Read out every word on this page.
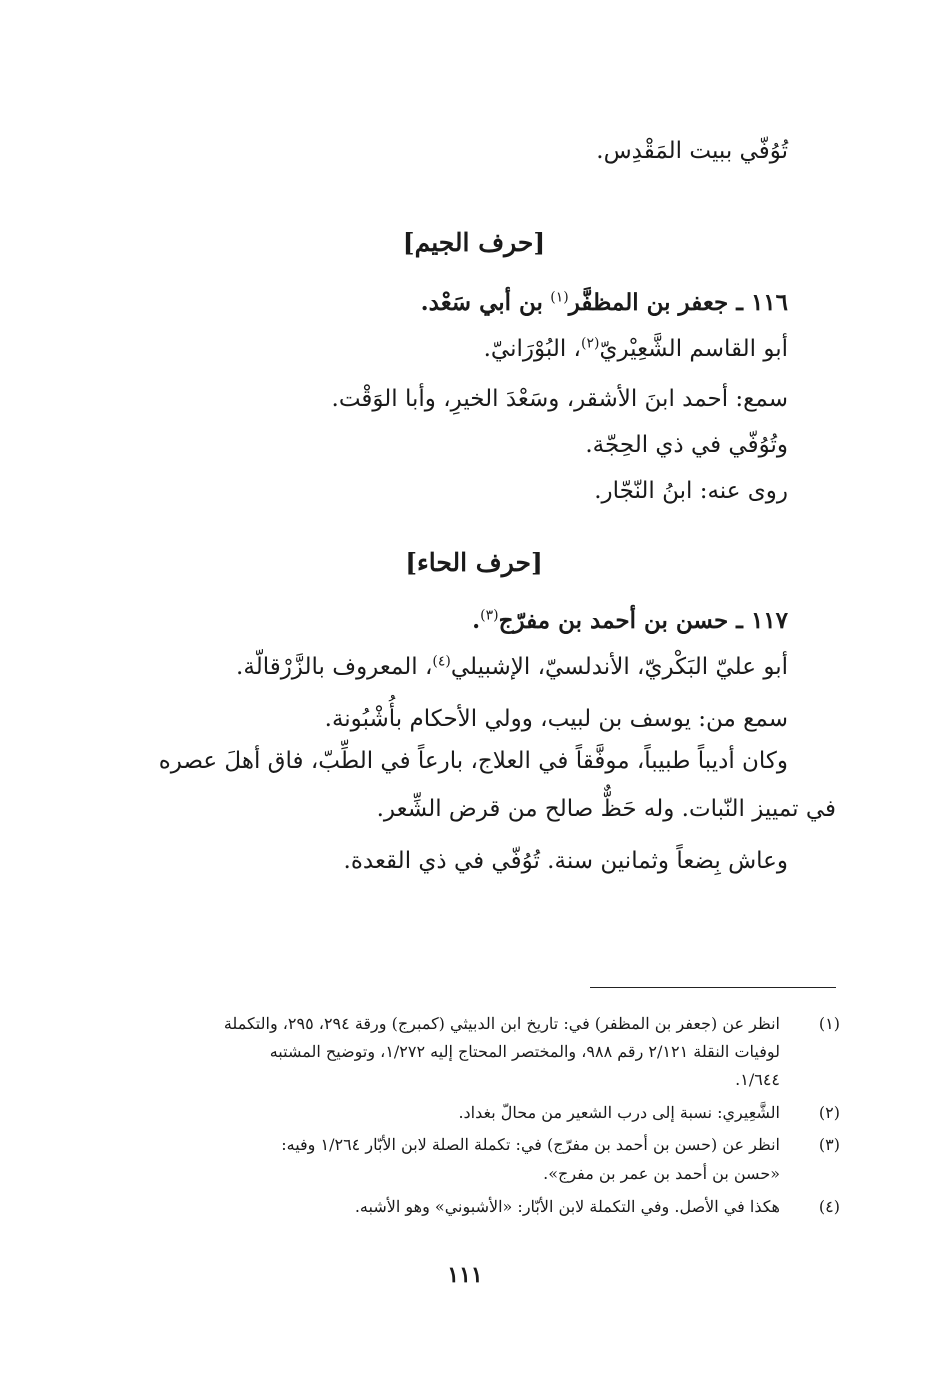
تُوُفّي ببيت المَقْدِس.
[حرف الجيم]
١١٦ ـ جعفر بن المظفَّر$^{(١)}$ بن أبي سَعْد.
أبو القاسم الشَّعِيْريّ$^{(٢)}$، البُوْرَانيّ.
سمع: أحمد ابنَ الأشقر، وسَعْدَ الخيرِ، وأبا الوَقْت.
وتُوُفّي في ذي الحِجّة.
روى عنه: ابنُ النّجّار.
[حرف الحاء]
١١٧ ـ حسن بن أحمد بن مفرّج$^{(٣)}$.
أبو عليّ البَكْريّ، الأندلسيّ، الإشبيلي$^{(٤)}$، المعروف بالزَّرْقالّة.
سمع من: يوسف بن لبيب، وولي الأحكام بأُشْبُونة.
وكان أديباً طبيباً، موفَّقاً في العلاج، بارعاً في الطِّبّ، فاق أهلَ عصره
في تمييز النّبات. وله حَظٌّ صالح من قرض الشِّعر.
وعاش بِضعاً وثمانين سنة. تُوُفّي في ذي القعدة.
(١)
انظر عن (جعفر بن المظفر) في: تاريخ ابن الدبيثي (كمبرج) ورقة ٢٩٤، ٢٩٥، والتكملة
لوفيات النقلة ٢/١٢١ رقم ٩٨٨، والمختصر المحتاج إليه ١/٢٧٢، وتوضيح المشتبه
١/٦٤٤.
(٢)
الشَّعِيري: نسبة إلى درب الشعير من محالّ بغداد.
(٣)
انظر عن (حسن بن أحمد بن مفرّج) في: تكملة الصلة لابن الأبّار ١/٢٦٤ وفيه:
«حسن بن أحمد بن عمر بن مفرج».
(٤)
هكذا في الأصل. وفي التكملة لابن الأبّار: «الأشبوني» وهو الأشبه.
١١١
